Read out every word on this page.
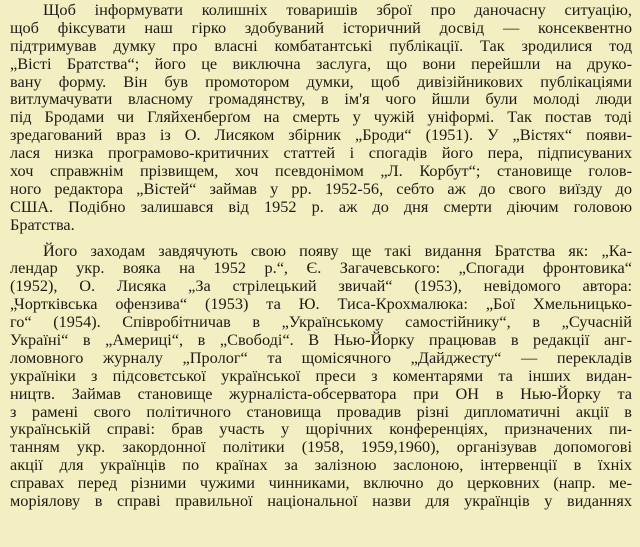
Щоб інформувати колишніх товаришів зброї про даночасну ситуацію,
щоб фіксувати наш гірко здобуваний історичний досвід — консеквентно
підтримував думку про власні комбатантські публікації. Так зродилися тод
„Вісті Братства“; його це виключна заслуга, що вони перейшли на друко-
вану форму. Він був промотором думки, щоб дивізійникових публікаціями
витлумачувати власному громадянству, в ім'я чого йшли були молоді люди
під Бродами чи Гляйхенберґом на смерть у чужій уніформі. Так постав тоді
зредагований враз із О. Лисяком збірник „Броди“ (1951). У „Вістях“ появи-
лася низка програмово-критичних статтей і спогадів його пера, підписуваних
хоч справжнім прізвищем, хоч псевдонімом „Л. Корбут“; становище голов-
ного редактора „Вістей“ займав у рр. 1952-56, себто аж до свого виїзду до
США. Подібно залишався від 1952 р. аж до дня смерти діючим головою
Братства.
Його заходам завдячують свою появу ще такі видання Братства як: „Ка-
лендар укр. вояка на 1952 р.“, Є. Загачевського: „Спогади фронтовика“
(1952), О. Лисяка „За стрілецький звичай“ (1953), невідомого автора:
„Чортківська офензива“ (1953) та Ю. Тиса-Крохмалюка: „Бої Хмельницько-
го“ (1954). Співробітничав в „Українському самостійнику“, в „Сучасній
Україні“ в „Америці“, в „Свободі“. В Нью-Йорку працював в редакції анг-
ломовного журналу „Пролог“ та щомісячного „Дайджесту“ — перекладів
україніки з підсовєтської української преси з коментарями та інших видан-
ництв. Займав становище журналіста-обсерватора при ОН в Нью-Йорку та
з рамені свого політичного становища провадив різні дипломатичні акції в
українській справі: брав участь у щорічних конференціях, призначених пи-
танням укр. закордонної політики (1958, 1959,1960), організував допомогові
акції для українців по країнах за залізною заслоною, інтервенції в їхніх
справах перед різними чужими чинниками, включно до церковних (напр. ме-
моріялову в справі правильної національної назви для українців у виданнях
